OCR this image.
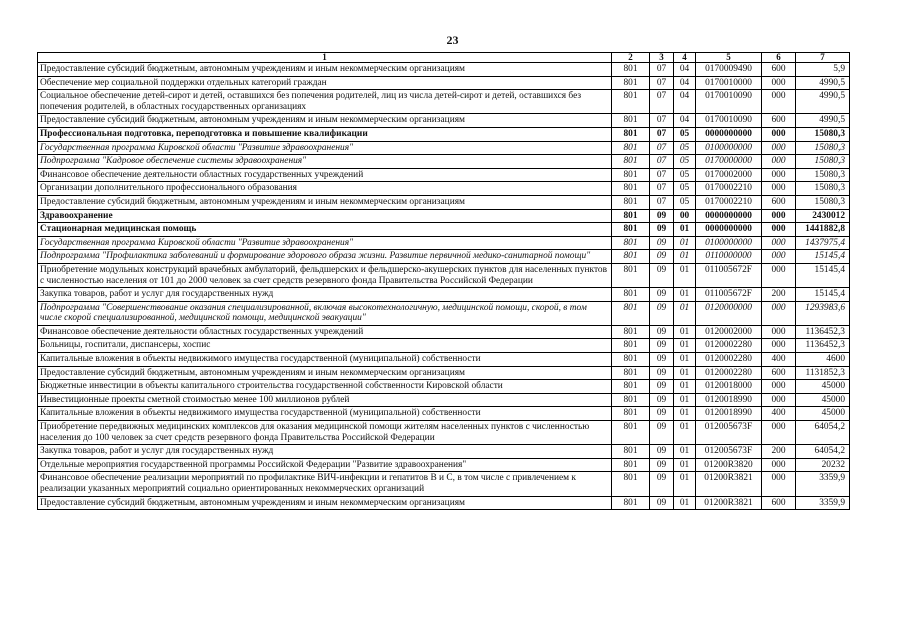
23
1	2	3	4	5	6	7
Предоставление субсидий бюджетным, автономным учреждениям и иным некоммерческим организациям	801	07	04	0170009490	600	5,9
Обеспечение мер социальной поддержки отдельных категорий граждан	801	07	04	0170010000	000	4990,5
Социальное обеспечение детей-сирот и детей, оставшихся без попечения родителей, лиц из числа детей-сирот и детей, оставшихся без попечения родителей, в областных государственных организациях	801	07	04	0170010090	000	4990,5
Предоставление субсидий бюджетным, автономным учреждениям и иным некоммерческим организациям	801	07	04	0170010090	600	4990,5
Профессиональная подготовка, переподготовка и повышение квалификации	801	07	05	0000000000	000	15080,3
Государственная программа Кировской области "Развитие здравоохранения"	801	07	05	0100000000	000	15080,3
Подпрограмма "Кадровое обеспечение системы здравоохранения"	801	07	05	0170000000	000	15080,3
Финансовое обеспечение деятельности областных государственных учреждений	801	07	05	0170002000	000	15080,3
Организации дополнительного профессионального образования	801	07	05	0170002210	000	15080,3
Предоставление субсидий бюджетным, автономным учреждениям и иным некоммерческим организациям	801	07	05	0170002210	600	15080,3
Здравоохранение	801	09	00	0000000000	000	2430012
Стационарная медицинская помощь	801	09	01	0000000000	000	1441882,8
Государственная программа Кировской области "Развитие здравоохранения"	801	09	01	0100000000	000	1437975,4
Подпрограмма "Профилактика заболеваний и формирование здорового образа жизни. Развитие первичной медико-санитарной помощи"	801	09	01	0110000000	000	15145,4
Приобретение модульных конструкций врачебных амбулаторий, фельдшерских и фельдшерско-акушерских пунктов для населенных пунктов с численностью населения от 101 до 2000 человек за счет средств резервного фонда Правительства Российской Федерации	801	09	01	011005672F	000	15145,4
Закупка товаров, работ и услуг для государственных нужд	801	09	01	011005672F	200	15145,4
Подпрограмма "Совершенствование оказания специализированной, включая высокотехнологичную, медицинской помощи, скорой, в том числе скорой специализированной, медицинской помощи, медицинской эвакуации"	801	09	01	0120000000	000	1293983,6
Финансовое обеспечение деятельности областных государственных учреждений	801	09	01	0120002000	000	1136452,3
Больницы, госпитали, диспансеры, хоспис	801	09	01	0120002280	000	1136452,3
Капитальные вложения в объекты недвижимого имущества государственной (муниципальной) собственности	801	09	01	0120002280	400	4600
Предоставление субсидий бюджетным, автономным учреждениям и иным некоммерческим организациям	801	09	01	0120002280	600	1131852,3
Бюджетные инвестиции в объекты капитального строительства государственной собственности Кировской области	801	09	01	0120018000	000	45000
Инвестиционные проекты сметной стоимостью менее 100 миллионов рублей	801	09	01	0120018990	000	45000
Капитальные вложения в объекты недвижимого имущества государственной (муниципальной) собственности	801	09	01	0120018990	400	45000
Приобретение передвижных медицинских комплексов для оказания медицинской помощи жителям населенных пунктов с численностью населения до 100 человек за счет средств резервного фонда Правительства Российской Федерации	801	09	01	012005673F	000	64054,2
Закупка товаров, работ и услуг для государственных нужд	801	09	01	012005673F	200	64054,2
Отдельные мероприятия государственной программы Российской Федерации "Развитие здравоохранения"	801	09	01	01200R3820	000	20232
Финансовое обеспечение реализации мероприятий по профилактике ВИЧ-инфекции и гепатитов В и С, в том числе с привлечением к реализации указанных мероприятий социально ориентированных некоммерческих организаций	801	09	01	01200R3821	000	3359,9
Предоставление субсидий бюджетным, автономным учреждениям и иным некоммерческим организациям	801	09	01	01200R3821	600	3359,9
